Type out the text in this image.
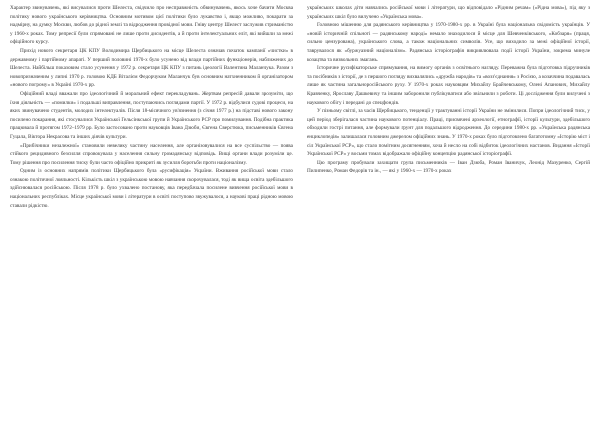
Характер звинувачень, які висувалися проти Шелеста, свідчило про несправжність обвинувачень, якось хоче бачити Москва політику нового українського керівництва. Основним мотивом цієї політики було лукавство і, якщо можливо, покарати за надмірну, на думку Москви, любов до рідної землі та відродження провідної мови. Гніву центру Шелест заслужив стриманістю у 1960-х роках. Тому репресії були спрямовані не лише проти дисидентів, а й проти інтелектуальних еліт, які вийшли за межі офіційного курсу.

Прихід нового секретаря ЦК КПУ Володимира Щербицького на місце Шелеста означав початок кампанії «чистки» в державному і партійному апараті. У перший половині 1970-х було усунено від влади партійних функціонерів, наближених до Шелеста. Найбільш показовим стало усунення у 1972 р. секретаря ЦК КПУ з питань ідеології Валентина Маланчука. Разом з новопризначеним у липні 1970 р. головою КДБ Віталієм Федорчуком Маланчук був основним натхненником й організатором «нового погрому» в Україні 1970-х рр.

Офіційний владі вважали про ідеологічний й моральний ефект перекладувань. Жертвам репресій давали зрозуміти, що їхня діяльність — «помилки» і подальші виправлення, поступаючись поглядами партії. У 1972 р. відбулися судові процеси, на яких звинувачено студентів, молодих інтелектуалів. Після 18-місячного ув'язнення (з січня 1977 р.) на підставі нового закону посилено покарання, які стосувалися Української Гельсінкської групи й Українського РСР про помилування. Подібна практика працювала й протягом 1972–1979 рр. Було застосовано проти науковців Івана Дзюби, Євгена Сверстюка, письменників Євгена Гуцала, Віктора Некрасова та інших діячів культури.

«Прибічники незалежної» становили невелику частину населення, але організовувалися на все суспільство — поява стійкого рецидивного безсилля спровокувала у населення сильну громадянську відповідь. Вищі органи влади розуміли це. Тому рішення про посилення тиску були часто офіційно прикриті як зусилля боротьби проти націоналізму.

Одним із основних напрямів політики Щербицького була «русифікація» України. Вживання російської мови стало ознакою політичної лояльності. Кількість шкіл з українською мовою навчання скорочувалася, тоді як вища освіта здебільшого здійснювалася російською. Після 1978 р. було ухвалено постанову, яка передбачала посилене вивчення російської мови в національних республіках. Місце української мови і літератури в освіті поступово звужувалося, а наукові праці рідною мовою ставали рідкістю.

українських школах діти навчались російської мови і літератури, що відповідало «Рідним речам» («Рідна мова»), під яку з українських шкіл було вилучено «Українська мова».

Головною мішенню для радянського керівництва у 1970-1980-х рр. в Україні була національна свідомість українців. У «новій історичній спільноті — радянському народі» немало знаходилося й місце для Шевченківського, «Кобзаря» (праця, сильно цензурована), українського слова, а також національних символів. Усе, що виходило за межі офіційної історії, таврувалося як «буржуазний націоналізм». Радянська історіографія викривлювала події історії України, зокрема минуле козацтва та визвольних змагань.

Історичне русифікаторське спрямування, на вимогу органів з освітнього нагляду. Переважна була підготовка підручників та посібників з історії, де з першого погляду вихвалялись «дружба народів» та «возз'єднання» з Росією, а козаччина подавалась лише як частина загальноросійського руху. У 1970-х роках науковцям Михайлу Брайчевському, Олені Апанович, Михайлу Кравченку, Ярославу Дашкевичу та іншим заборонили публікуватися або звільнили з роботи. Ці дослідження були вилучені з наукового обігу і передані до спецфондів.

У пізньому світлі, за часів Щербицького, тенденції у трактуванні історії України не змінилися. Попри ідеологічний тиск, у цей період зберігалася частина наукового потенціалу. Праці, присвячені археології, етнографії, історії культури, здебільшого обходили гострі питання, але формували ґрунт для подальшого відродження. До середини 1980-х рр. «Українська радянська енциклопедія» залишалася головним джерелом офіційних знань. У 1970-х роках було підготовлено багатотомну «Історію міст і сіл Української РСР», що стало помітним досягненням, хоча й несло на собі відбиток ідеологічних настанов. Видання «Історії Української РСР» у восьми томах відображало офіційну концепцію радянської історіографії.

Цю програму пробували захищати група письменників — Іван Дзюба, Роман Іваничук, Леонід Мазуренко, Сергій Пилипенко, Роман Федорів та ін., — які у 1960-х — 1970-х роках
